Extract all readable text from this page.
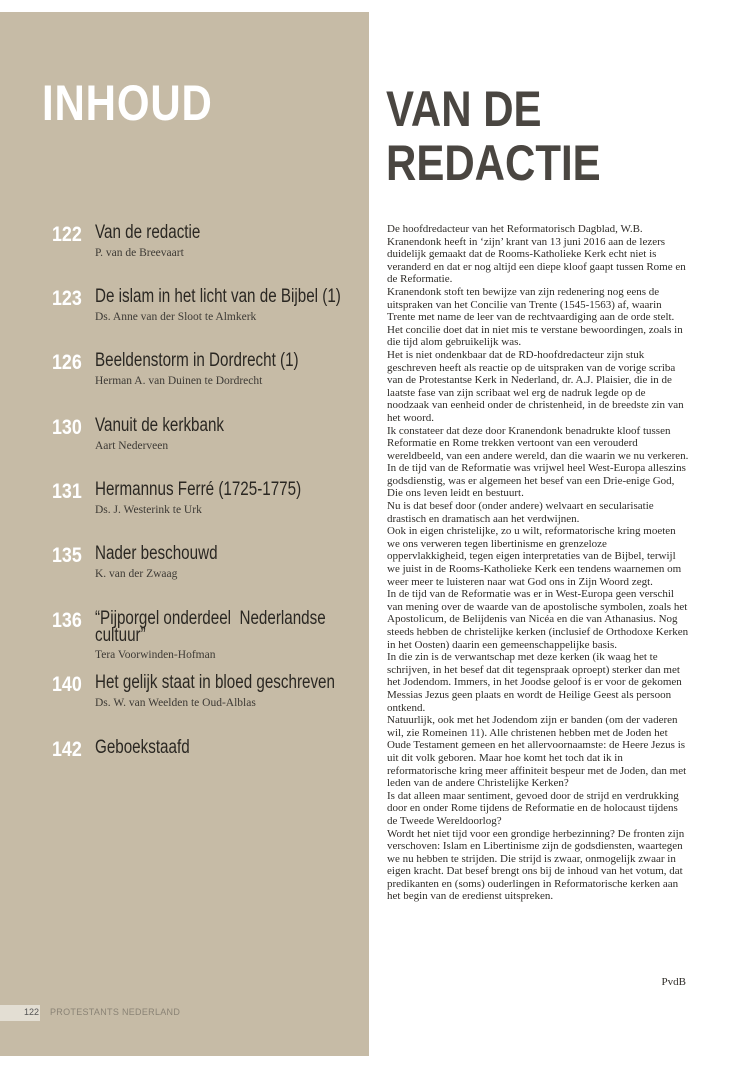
INHOUD
122 Van de redactie
P. van de Breevaart
123 De islam in het licht van de Bijbel (1)
Ds. Anne van der Sloot te Almkerk
126 Beeldenstorm in Dordrecht (1)
Herman A. van Duinen te Dordrecht
130 Vanuit de kerkbank
Aart Nederveen
131 Hermannus Ferré (1725-1775)
Ds. J. Westerink te Urk
135 Nader beschouwd
K. van der Zwaag
136 “Pijporgel onderdeel  Nederlandse
cultuur”
Tera Voorwinden-Hofman
140 Het gelijk staat in bloed geschreven
Ds. W. van Weelden te Oud-Alblas
142 Geboekstaafd
122 PROTESTANTS NEDERLAND
VAN DE
REDACTIE

De hoofdredacteur van het Reformatorisch Dagblad, W.B. Kranendonk heeft in ‘zijn’ krant van 13 juni 2016 aan de lezers duidelijk gemaakt dat de Rooms-Katholieke Kerk echt niet is veranderd en dat er nog altijd een diepe kloof gaapt tussen Rome en de Reformatie.

Kranendonk stoft ten bewijze van zijn redenering nog eens de uitspraken van het Concilie van Trente (1545-1563) af, waarin Trente met name de leer van de rechtvaardiging aan de orde stelt. Het concilie doet dat in niet mis te verstane bewoordingen, zoals in die tijd alom gebruikelijk was.

Het is niet ondenkbaar dat de RD-hoofdredacteur zijn stuk geschreven heeft als reactie op de uitspraken van de vorige scriba van de Protestantse Kerk in Nederland, dr. A.J. Plaisier, die in de laatste fase van zijn scribaat wel erg de nadruk legde op de noodzaak van eenheid onder de christenheid, in de breedste zin van het woord.

Ik constateer dat deze door Kranendonk benadrukte kloof tussen Reformatie en Rome trekken vertoont van een verouderd wereldbeeld, van een andere wereld, dan die waarin we nu verkeren. In de tijd van de Reformatie was vrijwel heel West-Europa alleszins godsdienstig, was er algemeen het besef van een Drie-enige God, Die ons leven leidt en bestuurt.

Nu is dat besef door (onder andere) welvaart en secularisatie drastisch en dramatisch aan het verdwijnen.

Ook in eigen christelijke, zo u wilt, reformatorische kring moeten we ons verweren tegen libertinisme en grenzeloze oppervlakkigheid, tegen eigen interpretaties van de Bijbel, terwijl we juist in de Rooms-Katholieke Kerk een tendens waarnemen om weer meer te luisteren naar wat God ons in Zijn Woord zegt.

In de tijd van de Reformatie was er in West-Europa geen verschil van mening over de waarde van de apostolische symbolen, zoals het Apostolicum, de Belijdenis van Nicéa en die van Athanasius. Nog steeds hebben de christelijke kerken (inclusief de Orthodoxe Kerken in het Oosten) daarin een gemeenschappelijke basis.

In die zin is de verwantschap met deze kerken (ik waag het te schrijven, in het besef dat dit tegenspraak oproept) sterker dan met het Jodendom. Immers, in het Joodse geloof is er voor de gekomen Messias Jezus geen plaats en wordt de Heilige Geest als persoon ontkend.

Natuurlijk, ook met het Jodendom zijn er banden (om der vaderen wil, zie Romeinen 11). Alle christenen hebben met de Joden het Oude Testament gemeen en het allervoornaamste: de Heere Jezus is uit dit volk geboren. Maar hoe komt het toch dat ik in reformatorische kring meer affiniteit bespeur met de Joden, dan met leden van de andere Christelijke Kerken?

Is dat alleen maar sentiment, gevoed door de strijd en verdrukking door en onder Rome tijdens de Reformatie en de holocaust tijdens de Tweede Wereldoorlog?

Wordt het niet tijd voor een grondige herbezinning? De fronten zijn verschoven: Islam en Libertinisme zijn de godsdiensten, waartegen we nu hebben te strijden. Die strijd is zwaar, onmogelijk zwaar in eigen kracht. Dat besef brengt ons bij de inhoud van het votum, dat predikanten en (soms) ouderlingen in Reformatorische kerken aan het begin van de eredienst uitspreken.

PvdB
